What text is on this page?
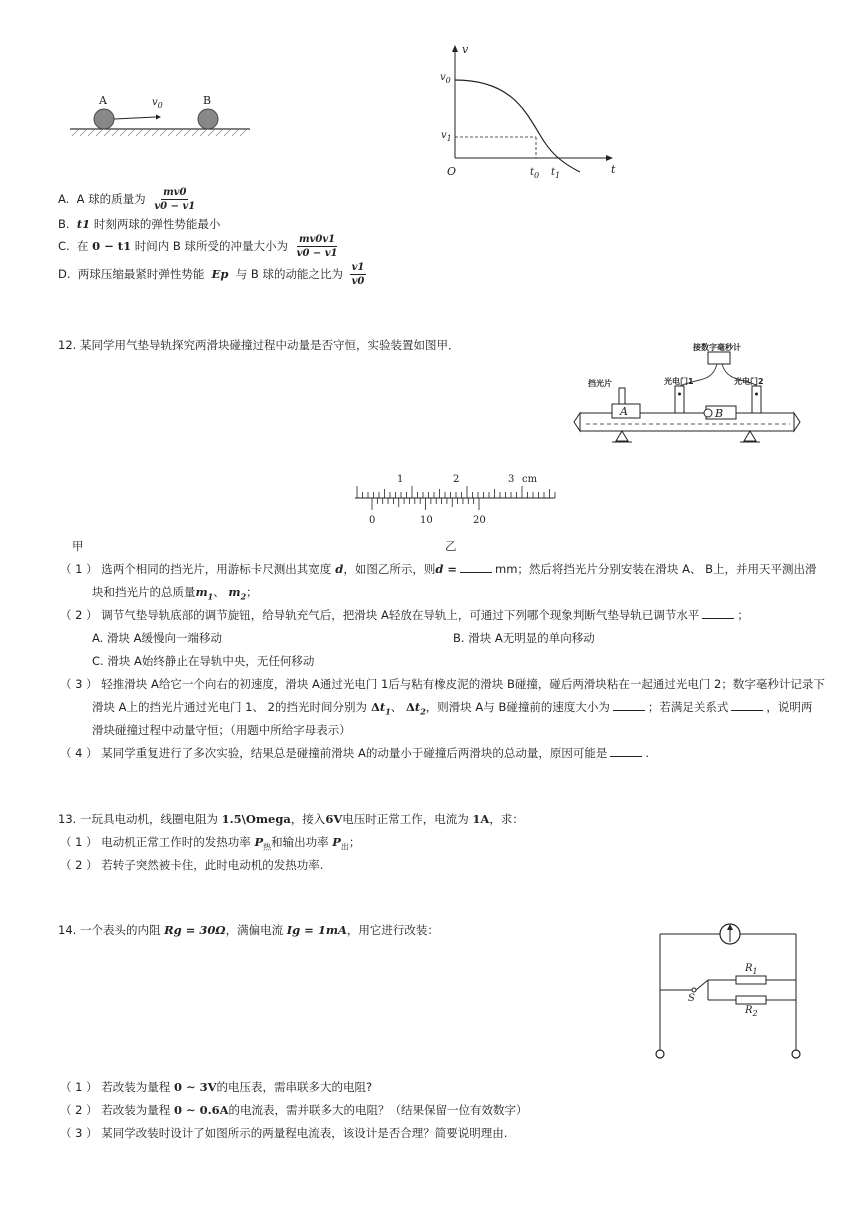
A	B
$v_0$
v
t
O
$v_0$
$v_1$
$t_0$ $t_1$
A. A 球的质量为 $\frac{mv0}{v0 - v1}$
B. t1 时刻两球的弹性势能最小
C. 在 0 − t1 时间内 B 球所受的冲量大小为 $\frac{mv0v1}{v0 - v1}$
D. 两球压缩最紧时弹性势能 Ep 与 B 球的动能之比为 $\frac{v1}{v0}$
12. 某同学用气垫导轨探究两滑块碰撞过程中动量是否守恒，实验装置如图甲．	接数字毫秒计
挡光片	光电门1	光电门2
A	B
1	2	3 cm
0	10	20
甲	乙
（ 1 ） 选两个相同的挡光片，用游标卡尺测出其宽度 d，如图乙所示，则d =	mm；然后将挡光片分别安装在滑块 A、 B上，并用天平测出滑
块和挡光片的总质量$m_1$、 $m_2$；
（ 2 ） 调节气垫导轨底部的调节旋钮，给导轨充气后，把滑块 A轻放在导轨上，可通过下列哪个现象判断气垫导轨已调节水平	；
A. 滑块 A缓慢向一端移动	B. 滑块 A无明显的单向移动
C. 滑块 A始终静止在导轨中央，无任何移动
（ 3 ） 轻推滑块 A给它一个向右的初速度，滑块 A通过光电门 1后与粘有橡皮泥的滑块 B碰撞，碰后两滑块粘在一起通过光电门 2；数字毫秒计记录下
滑块 A上的挡光片通过光电门 1、 2的挡光时间分别为 $\Delta t_1$、 $\Delta t_2$，则滑块 A与 B碰撞前的速度大小为	；若满足关系式	，说明两
滑块碰撞过程中动量守恒；（用题中所给字母表示）
（ 4 ） 某同学重复进行了多次实验，结果总是碰撞前滑块 A的动量小于碰撞后两滑块的总动量，原因可能是	.
13. 一玩具电动机，线圈电阻为 1.5\Omega，接入6V电压时正常工作，电流为 1A，求：
（ 1 ） 电动机正常工作时的发热功率 $P_热$和输出功率 $P_出$；
（ 2 ） 若转子突然被卡住，此时电动机的发热功率.
14. 一个表头的内阻 Rg = 30Ω，满偏电流 Ig = 1mA，用它进行改装：
$R_1$
$R_2$
S
（ 1 ） 若改装为量程 0 ∼ 3V的电压表，需串联多大的电阻?
（ 2 ） 若改装为量程 0 ∼ 0.6A的电流表，需并联多大的电阻？（结果保留一位有效数字）
（ 3 ） 某同学改装时设计了如图所示的两量程电流表，该设计是否合理？简要说明理由.
